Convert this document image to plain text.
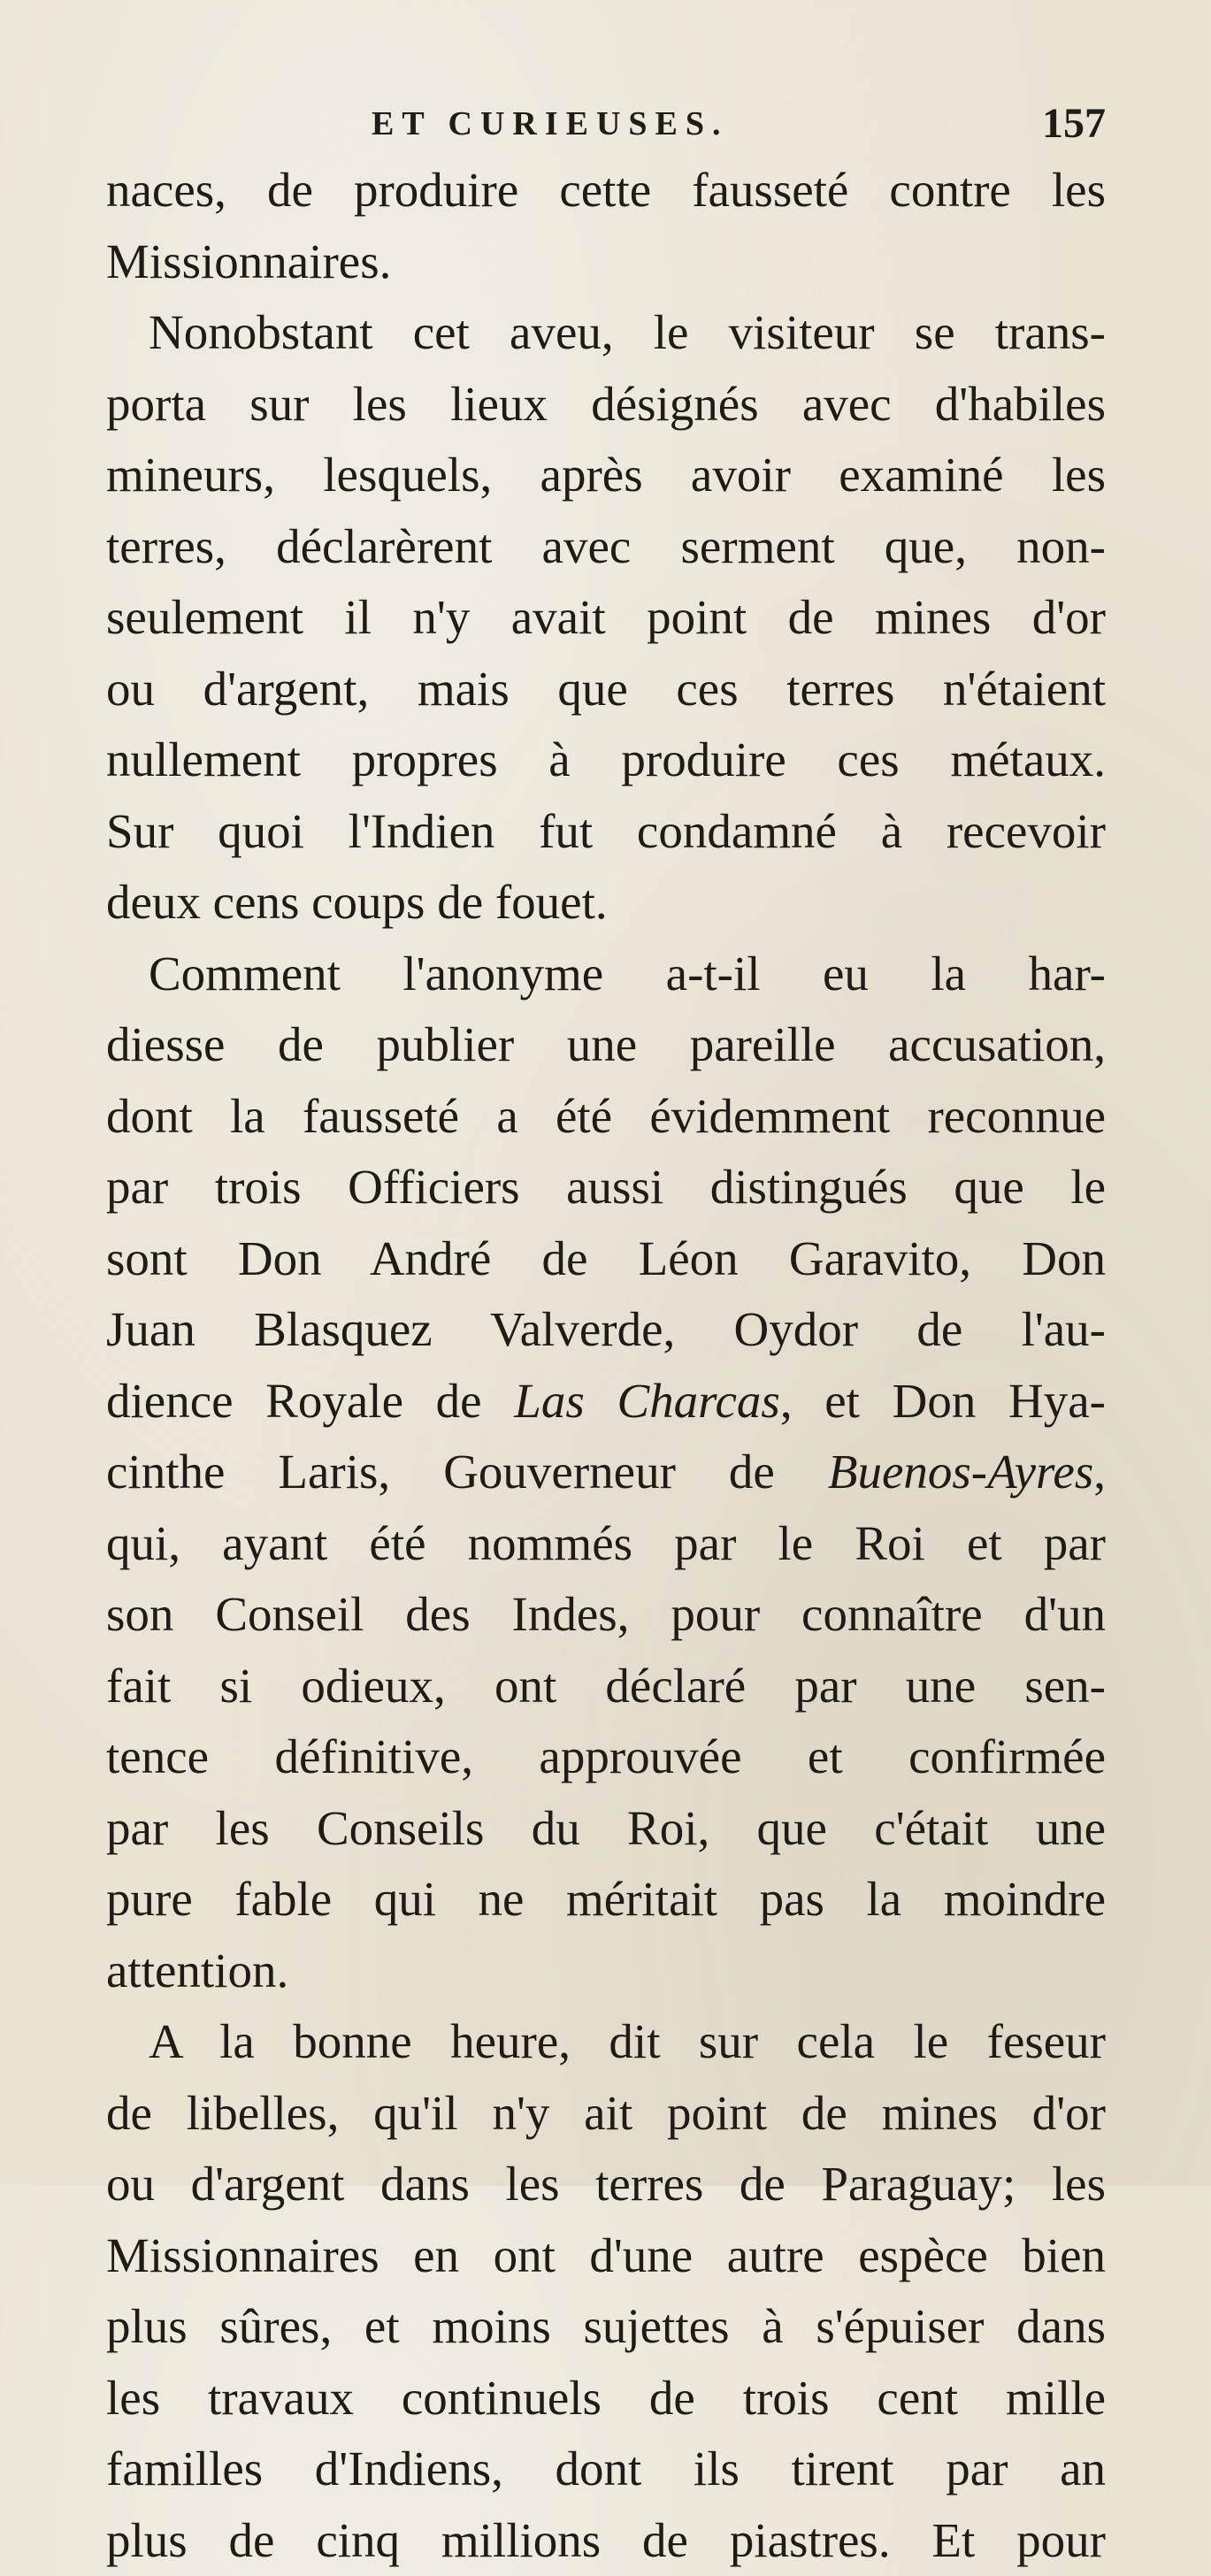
ET CURIEUSES.	157
naces, de produire cette fausseté contre les
Missionnaires.
Nonobstant cet aveu, le visiteur se trans-
porta sur les lieux désignés avec d'habiles
mineurs, lesquels, après avoir examiné les
terres, déclarèrent avec serment que, non-
seulement il n'y avait point de mines d'or
ou d'argent, mais que ces terres n'étaient
nullement propres à produire ces métaux.
Sur quoi l'Indien fut condamné à recevoir
deux cens coups de fouet.
Comment l'anonyme a-t-il eu la har-
diesse de publier une pareille accusation,
dont la fausseté a été évidemment reconnue
par trois Officiers aussi distingués que le
sont Don André de Léon Garavito, Don
Juan Blasquez Valverde, Oydor de l'au-
dience Royale de Las Charcas, et Don Hya-
cinthe Laris, Gouverneur de Buenos-Ayres,
qui, ayant été nommés par le Roi et par
son Conseil des Indes, pour connaître d'un
fait si odieux, ont déclaré par une sen-
tence définitive, approuvée et confirmée
par les Conseils du Roi, que c'était une
pure fable qui ne méritait pas la moindre
attention.
A la bonne heure, dit sur cela le feseur
de libelles, qu'il n'y ait point de mines d'or
ou d'argent dans les terres de Paraguay; les
Missionnaires en ont d'une autre espèce bien
plus sûres, et moins sujettes à s'épuiser dans
les travaux continuels de trois cent mille
familles d'Indiens, dont ils tirent par an
plus de cinq millions de piastres. Et pour
